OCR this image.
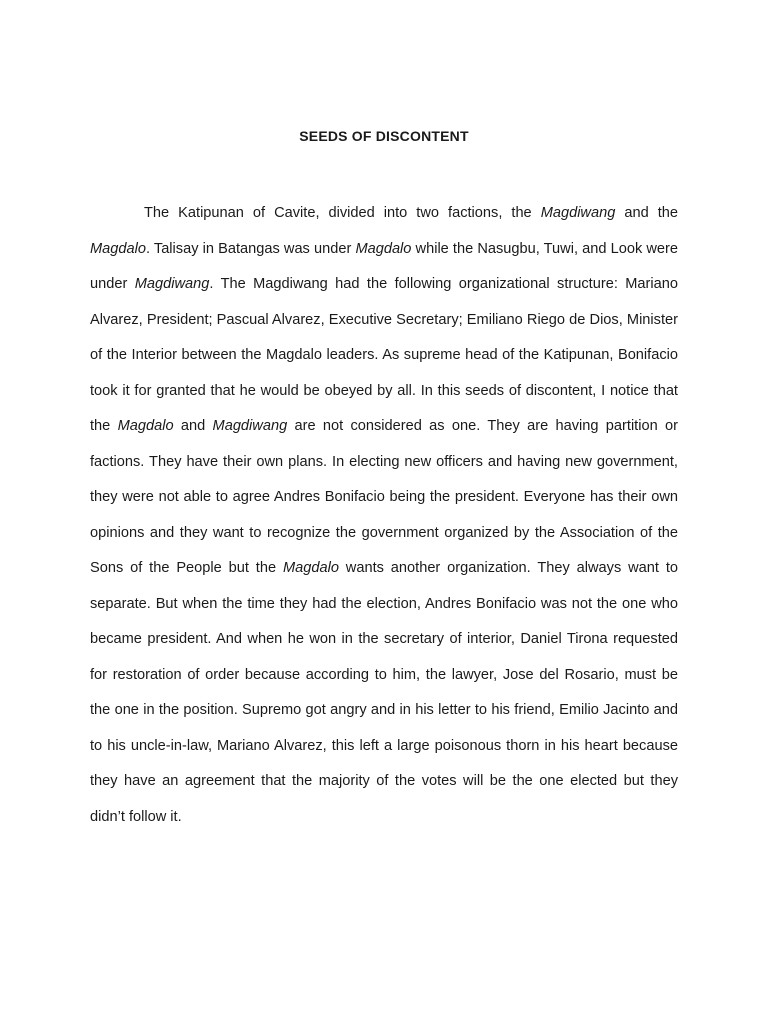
SEEDS OF DISCONTENT

The Katipunan of Cavite, divided into two factions, the Magdiwang and the Magdalo. Talisay in Batangas was under Magdalo while the Nasugbu, Tuwi, and Look were under Magdiwang. The Magdiwang had the following organizational structure: Mariano Alvarez, President; Pascual Alvarez, Executive Secretary; Emiliano Riego de Dios, Minister of the Interior between the Magdalo leaders. As supreme head of the Katipunan, Bonifacio took it for granted that he would be obeyed by all. In this seeds of discontent, I notice that the Magdalo and Magdiwang are not considered as one. They are having partition or factions. They have their own plans. In electing new officers and having new government, they were not able to agree Andres Bonifacio being the president. Everyone has their own opinions and they want to recognize the government organized by the Association of the Sons of the People but the Magdalo wants another organization. They always want to separate. But when the time they had the election, Andres Bonifacio was not the one who became president. And when he won in the secretary of interior, Daniel Tirona requested for restoration of order because according to him, the lawyer, Jose del Rosario, must be the one in the position. Supremo got angry and in his letter to his friend, Emilio Jacinto and to his uncle-in-law, Mariano Alvarez, this left a large poisonous thorn in his heart because they have an agreement that the majority of the votes will be the one elected but they didn’t follow it.
